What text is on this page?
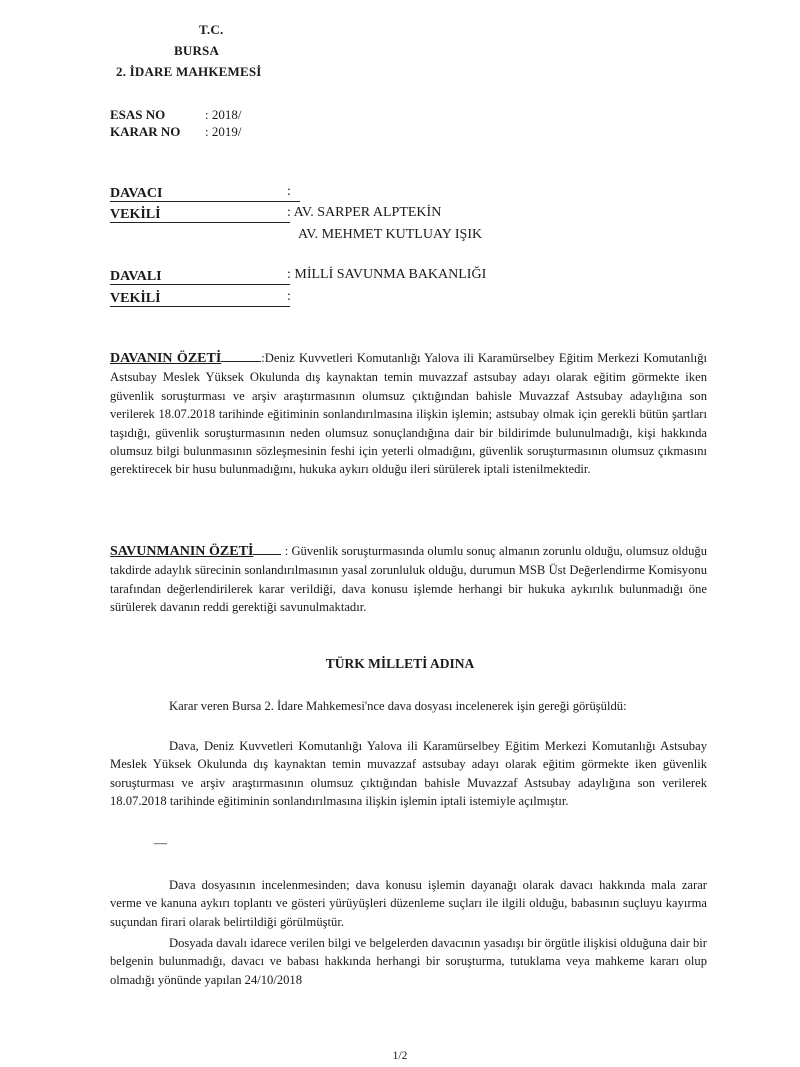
T.C.
BURSA
2. İDARE MAHKEMESİ
ESAS NO	: 2018/
KARAR NO : 2019/
DAVACI	:
VEKİLİ	: AV. SARPER ALPTEKİN
AV. MEHMET KUTLUAY IŞIK
DAVALI	: MİLLİ SAVUNMA BAKANLIĞI
VEKİLİ	:

DAVANIN ÖZETİ	:Deniz Kuvvetleri Komutanlığı Yalova ili Karamürselbey Eğitim Merkezi Komutanlığı Astsubay Meslek Yüksek Okulunda dış kaynaktan temin muvazzaf astsubay adayı olarak eğitim görmekte iken güvenlik soruşturması ve arşiv araştırmasının olumsuz çıktığından bahisle Muvazzaf Astsubay adaylığına son verilerek 18.07.2018 tarihinde eğitiminin sonlandırılmasına ilişkin işlemin; astsubay olmak için gerekli bütün şartları taşıdığı, güvenlik soruşturmasının neden olumsuz sonuçlandığına dair bir bildirimde bulunulmadığı, kişi hakkında olumsuz bilgi bulunmasının sözleşmesinin feshi için yeterli olmadığını, güvenlik soruşturmasının olumsuz çıkmasını gerektirecek bir husu bulunmadığını, hukuka aykırı olduğu ileri sürülerek iptali istenilmektedir.

SAVUNMANIN ÖZETİ : Güvenlik soruşturmasında olumlu sonuç almanın zorunlu olduğu, olumsuz olduğu takdirde adaylık sürecinin sonlandırılmasının yasal zorunluluk olduğu, durumun MSB Üst Değerlendirme Komisyonu tarafından değerlendirilerek karar verildiği, dava konusu işlemde herhangi bir hukuka aykırılık bulunmadığı öne sürülerek davanın reddi gerektiği savunulmaktadır.

TÜRK MİLLETİ ADINA

Karar veren Bursa 2. İdare Mahkemesi'nce dava dosyası incelenerek işin gereği görüşüldü:

Dava, Deniz Kuvvetleri Komutanlığı Yalova ili Karamürselbey Eğitim Merkezi Komutanlığı Astsubay Meslek Yüksek Okulunda dış kaynaktan temin muvazzaf astsubay adayı olarak eğitim görmekte iken güvenlik soruşturması ve arşiv araştırmasının olumsuz çıktığından bahisle Muvazzaf Astsubay adaylığına son verilerek 18.07.2018 tarihinde eğitiminin sonlandırılmasına ilişkin işlemin iptali istemiyle açılmıştır.

—

Dava dosyasının incelenmesinden; dava konusu işlemin dayanağı olarak davacı hakkında mala zarar verme ve kanuna aykırı toplantı ve gösteri yürüyüşleri düzenleme suçları ile ilgili olduğu, babasının suçluyu kayırma suçundan firari olarak belirtildiği görülmüştür.

Dosyada davalı idarece verilen bilgi ve belgelerden davacının yasadışı bir örgütle ilişkisi olduğuna dair bir belgenin bulunmadığı, davacı ve babası hakkında herhangi bir soruşturma, tutuklama veya mahkeme kararı olup olmadığı yönünde yapılan 24/10/2018

1/2
